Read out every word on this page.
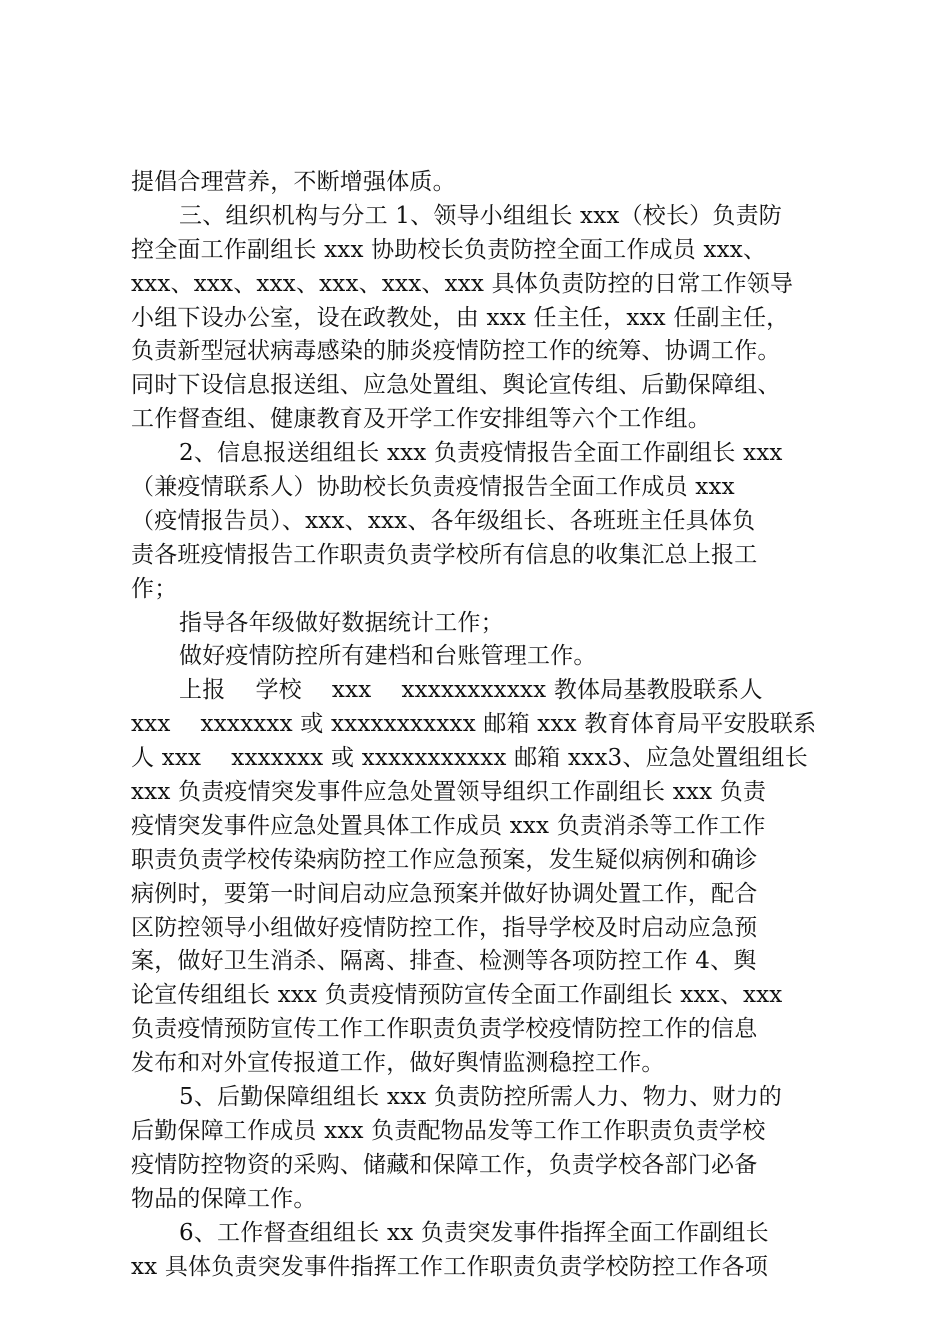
提倡合理营养，不断增强体质。
三、组织机构与分工 1、领导小组组长 xxx（校长）负责防
控全面工作副组长 xxx 协助校长负责防控全面工作成员 xxx、
xxx、xxx、xxx、xxx、xxx、xxx 具体负责防控的日常工作领导
小组下设办公室，设在政教处，由 xxx 任主任，xxx 任副主任，
负责新型冠状病毒感染的肺炎疫情防控工作的统筹、协调工作。
同时下设信息报送组、应急处置组、舆论宣传组、后勤保障组、
工作督查组、健康教育及开学工作安排组等六个工作组。
2、信息报送组组长 xxx 负责疫情报告全面工作副组长 xxx
（兼疫情联系人）协助校长负责疫情报告全面工作成员 xxx
（疫情报告员）、xxx、xxx、各年级组长、各班班主任具体负
责各班疫情报告工作职责负责学校所有信息的收集汇总上报工
作；
指导各年级做好数据统计工作；
做好疫情防控所有建档和台账管理工作。
上报    学校    xxx    xxxxxxxxxxx 教体局基教股联系人
xxx    xxxxxxx 或 xxxxxxxxxxx 邮箱 xxx 教育体育局平安股联系
人 xxx    xxxxxxx 或 xxxxxxxxxxx 邮箱 xxx3、应急处置组组长
xxx 负责疫情突发事件应急处置领导组织工作副组长 xxx 负责
疫情突发事件应急处置具体工作成员 xxx 负责消杀等工作工作
职责负责学校传染病防控工作应急预案，发生疑似病例和确诊
病例时，要第一时间启动应急预案并做好协调处置工作，配合
区防控领导小组做好疫情防控工作，指导学校及时启动应急预
案，做好卫生消杀、隔离、排查、检测等各项防控工作 4、舆
论宣传组组长 xxx 负责疫情预防宣传全面工作副组长 xxx、xxx
负责疫情预防宣传工作工作职责负责学校疫情防控工作的信息
发布和对外宣传报道工作，做好舆情监测稳控工作。
5、后勤保障组组长 xxx 负责防控所需人力、物力、财力的
后勤保障工作成员 xxx 负责配物品发等工作工作职责负责学校
疫情防控物资的采购、储藏和保障工作，负责学校各部门必备
物品的保障工作。
6、工作督查组组长 xx 负责突发事件指挥全面工作副组长
xx 具体负责突发事件指挥工作工作职责负责学校防控工作各项
